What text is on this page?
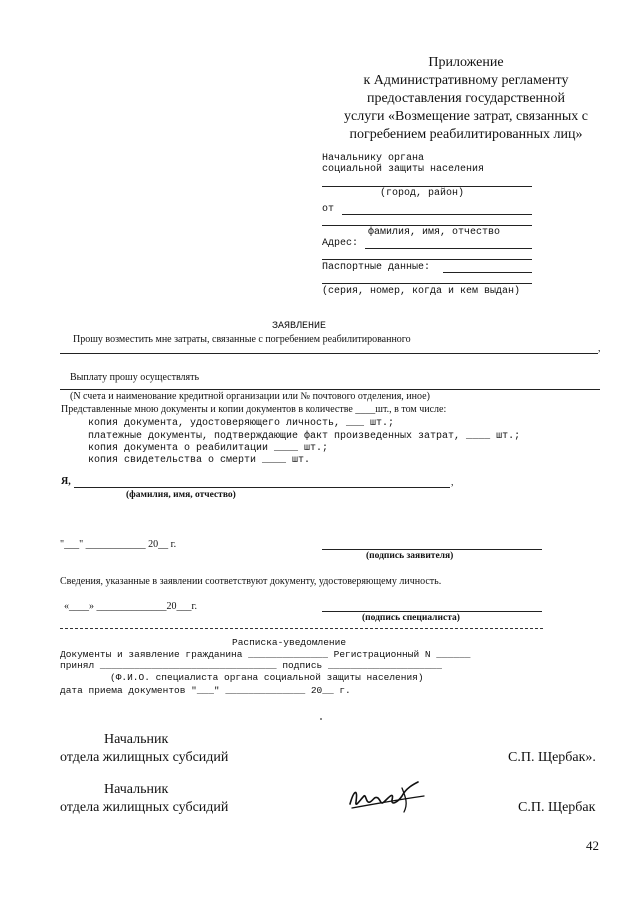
Приложение
к Административному регламенту
предоставления государственной
услуги «Возмещение затрат, связанных с
погребением реабилитированных лиц»
Начальнику органа
социальной защиты населения
(город, район)
от
фамилия, имя, отчество
Адрес:
Паспортные данные:
(серия, номер, когда и кем выдан)
ЗАЯВЛЕНИЕ
Прошу возместить мне затраты, связанные с погребением реабилитированного
,
Выплату прошу осуществлять
(N счета и наименование кредитной организации или № почтового отделения, иное)
Представленные мною документы и копии документов в количестве ____шт., в том числе:
копия документа, удостоверяющего личность, ___ шт.;
платежные документы, подтверждающие факт произведенных затрат, ____ шт.;
копия документа о реабилитации ____ шт.;
копия свидетельства о смерти ____ шт.
Я,	,
(фамилия, имя, отчество)
"___" ____________ 20__ г.
(подпись заявителя)
Сведения, указанные в заявлении соответствуют документу, удостоверяющему личность.
«____» ______________20___г.
(подпись специалиста)
Расписка-уведомление
Документы и заявление гражданина ______________ Регистрационный N ______
принял _______________________________ подпись ____________________
(Ф.И.О. специалиста органа социальной защиты населения)
дата приема документов "___" ______________ 20__ г.
Начальник
отдела жилищных субсидий	С.П. Щербак».
Начальник
отдела жилищных субсидий	С.П. Щербак
42
